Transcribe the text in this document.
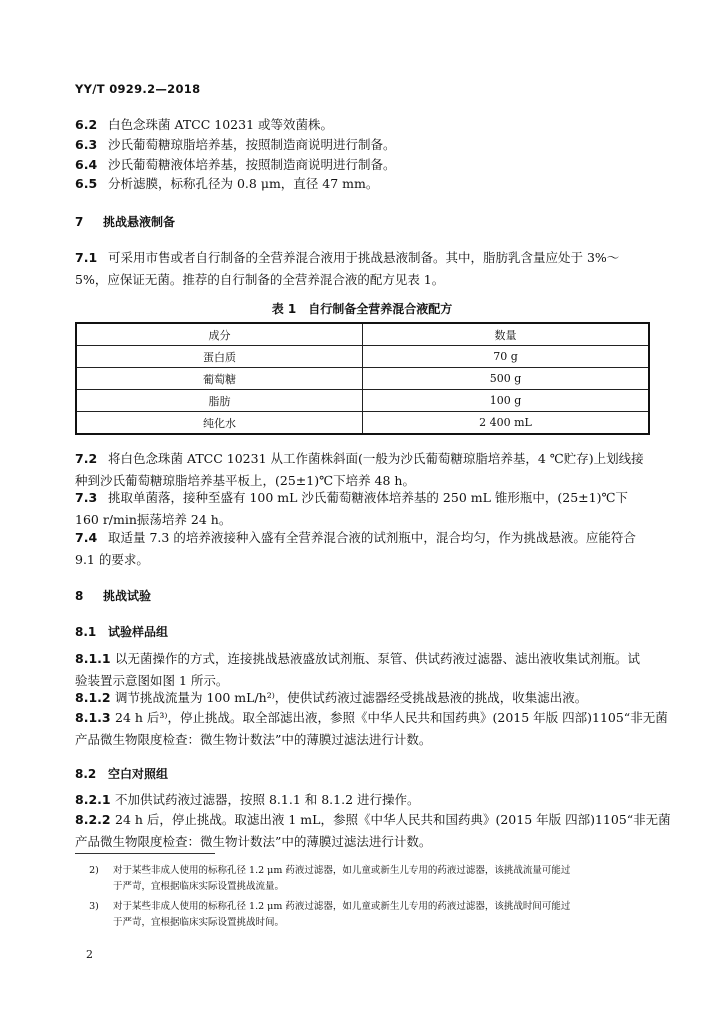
YY/T 0929.2—2018
6.2 白色念珠菌 ATCC 10231 或等效菌株。
6.3 沙氏葡萄糖琼脂培养基，按照制造商说明进行制备。
6.4 沙氏葡萄糖液体培养基，按照制造商说明进行制备。
6.5 分析滤膜，标称孔径为 0.8 μm，直径 47 mm。
7 挑战悬液制备
7.1 可采用市售或者自行制备的全营养混合液用于挑战悬液制备。其中，脂肪乳含量应处于 3%～
5%，应保证无菌。推荐的自行制备的全营养混合液的配方见表 1。
表 1　自行制备全营养混合液配方
成分	数量
蛋白质	70 g
葡萄糖	500 g
脂肪	100 g
纯化水	2 400 mL
7.2 将白色念珠菌 ATCC 10231 从工作菌株斜面(一般为沙氏葡萄糖琼脂培养基，4 ℃贮存)上划线接
种到沙氏葡萄糖琼脂培养基平板上，(25±1)℃下培养 48 h。
7.3 挑取单菌落，接种至盛有 100 mL 沙氏葡萄糖液体培养基的 250 mL 锥形瓶中，(25±1)℃下
160 r/min振荡培养 24 h。
7.4 取适量 7.3 的培养液接种入盛有全营养混合液的试剂瓶中，混合均匀，作为挑战悬液。应能符合
9.1 的要求。
8 挑战试验
8.1 试验样品组
8.1.1 以无菌操作的方式，连接挑战悬液盛放试剂瓶、泵管、供试药液过滤器、滤出液收集试剂瓶。试
验装置示意图如图 1 所示。
8.1.2 调节挑战流量为 100 mL/h²⁾，使供试药液过滤器经受挑战悬液的挑战，收集滤出液。
8.1.3 24 h 后³⁾，停止挑战。取全部滤出液，参照《中华人民共和国药典》(2015 年版 四部)1105“非无菌
产品微生物限度检查：微生物计数法”中的薄膜过滤法进行计数。
8.2 空白对照组
8.2.1 不加供试药液过滤器，按照 8.1.1 和 8.1.2 进行操作。
8.2.2 24 h 后，停止挑战。取滤出液 1 mL，参照《中华人民共和国药典》(2015 年版 四部)1105“非无菌
产品微生物限度检查：微生物计数法”中的薄膜过滤法进行计数。
2) 对于某些非成人使用的标称孔径 1.2 μm 药液过滤器，如儿童或新生儿专用的药液过滤器，该挑战流量可能过
于严苛，宜根据临床实际设置挑战流量。
3) 对于某些非成人使用的标称孔径 1.2 μm 药液过滤器，如儿童或新生儿专用的药液过滤器，该挑战时间可能过
于严苛，宜根据临床实际设置挑战时间。
2
